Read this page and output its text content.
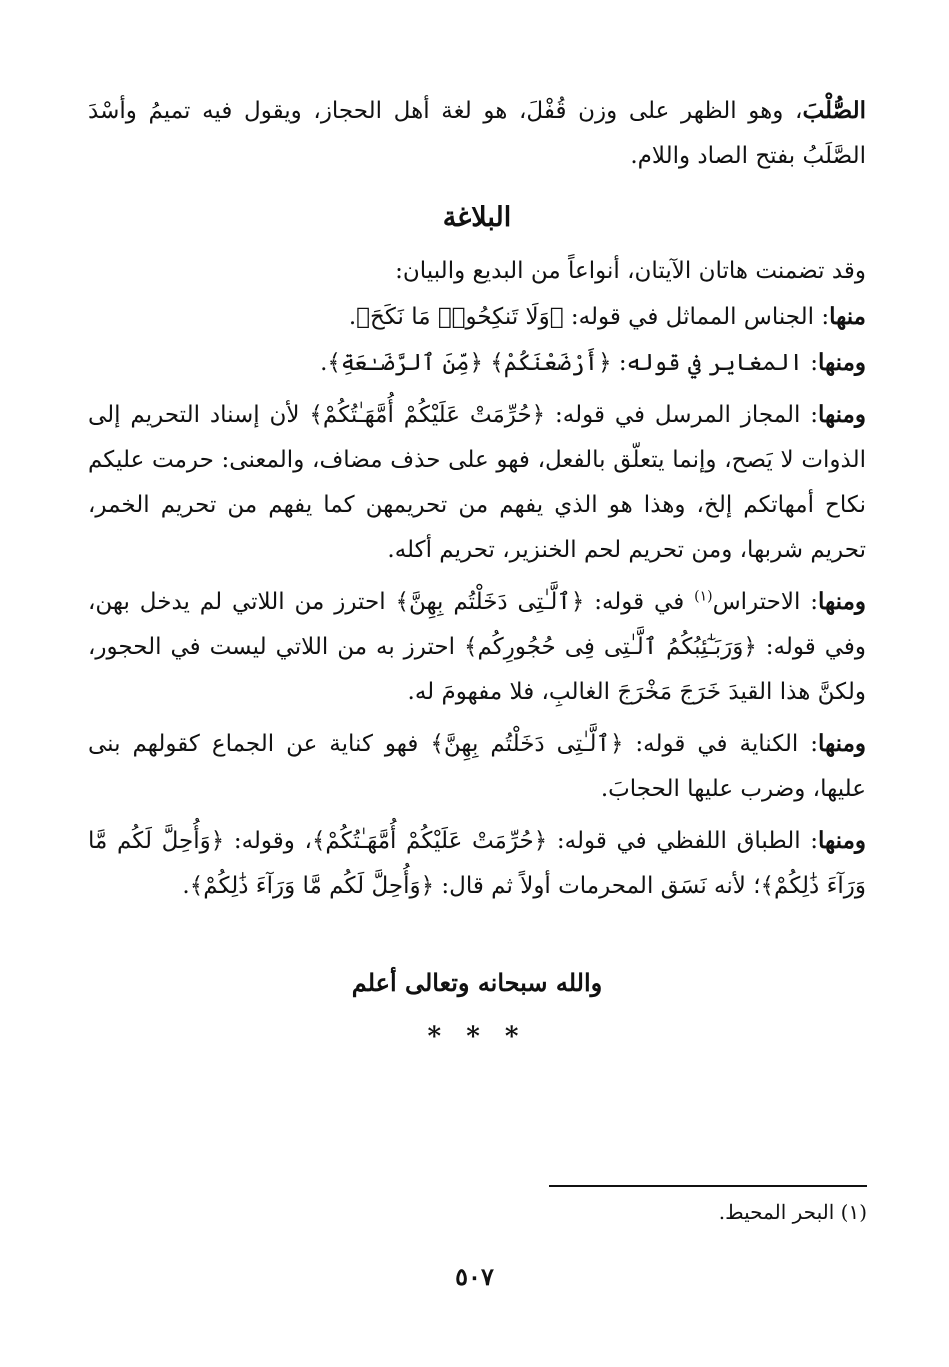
الصُّلْبَ، وهو الظهر على وزن قُفْلَ، هو لغة أهل الحجاز، ويقول فيه تميمُ وأسْدَ الصَّلَبُ بفتح الصاد واللام.

البلاغة

وقد تضمنت هاتان الآيتان، أنواعاً من البديع والبيان:

منها: الجناس المماثل في قوله: ﴿وَلَا تَنكِحُوا۟ مَا نَكَحَ﴾.

ومنها: المغاير في قوله: ﴿أَرْضَعْنَكُمْ﴾ ﴿مِّنَ ٱلرَّضَـٰعَةِ﴾.

ومنها: المجاز المرسل في قوله: ﴿حُرِّمَتْ عَلَيْكُمْ أُمَّهَـٰتُكُمْ﴾ لأن إسناد التحريم إلى الذوات لا يَصح، وإنما يتعلّق بالفعل، فهو على حذف مضاف، والمعنى: حرمت عليكم نكاح أمهاتكم إلخ، وهذا هو الذي يفهم من تحريمهن كما يفهم من تحريم الخمر، تحريم شربها، ومن تحريم لحم الخنزير، تحريم أكله.

ومنها: الاحتراس$^{(١)}$ في قوله: ﴿ٱلَّـٰتِى دَخَلْتُم بِهِنَّ﴾ احترز من اللاتي لم يدخل بهن، وفي قوله: ﴿وَرَبَـٰٓئِبُكُمُ ٱلَّـٰتِى فِى حُجُورِكُم﴾ احترز به من اللاتي ليست في الحجور، ولكنَّ هذا القيدَ خَرَجَ مَخْرَجَ الغالبِ، فلا مفهومَ له.

ومنها: الكناية في قوله: ﴿ٱلَّـٰتِى دَخَلْتُم بِهِنَّ﴾ فهو كناية عن الجماع كقولهم بنى عليها، وضرب عليها الحجابَ.

ومنها: الطباق اللفظي في قوله: ﴿حُرِّمَتْ عَلَيْكُمْ أُمَّهَـٰتُكُمْ﴾، وقوله: ﴿وَأُحِلَّ لَكُم مَّا وَرَآءَ ذَٰلِكُمْ﴾؛ لأنه نَسَق المحرمات أولاً ثم قال: ﴿وَأُحِلَّ لَكُم مَّا وَرَآءَ ذَٰلِكُمْ﴾.

والله سبحانه وتعالى أعلم
* * *
(١) البحر المحيط.
٥٠٧
